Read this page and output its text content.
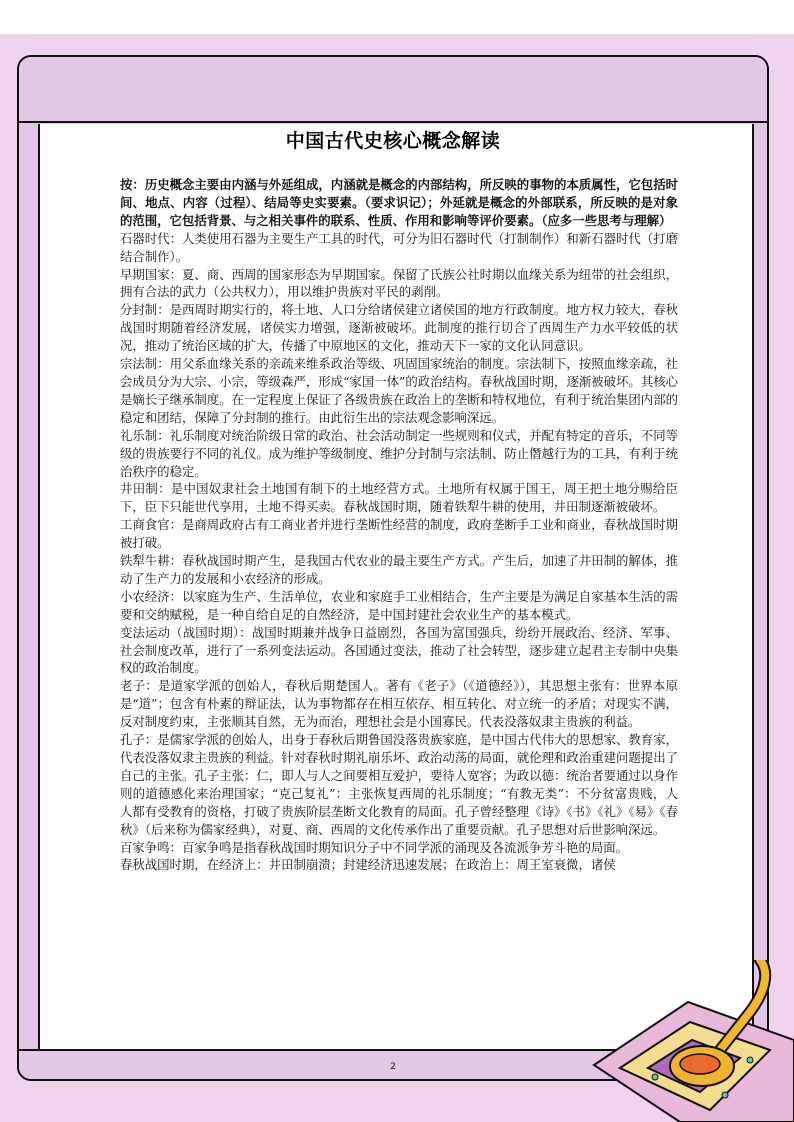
中国古代史核心概念解读

按：历史概念主要由内涵与外延组成，内涵就是概念的内部结构，所反映的事物的本质属性，它包括时间、地点、内容（过程）、结局等史实要素。（要求识记）；外延就是概念的外部联系，所反映的是对象的范围，它包括背景、与之相关事件的联系、性质、作用和影响等评价要素。（应多一些思考与理解）

石器时代：人类使用石器为主要生产工具的时代，可分为旧石器时代（打制制作）和新石器时代（打磨结合制作）。

早期国家：夏、商、西周的国家形态为早期国家。保留了氏族公社时期以血缘关系为纽带的社会组织，拥有合法的武力（公共权力），用以维护贵族对平民的剥削。

分封制：是西周时期实行的，将土地、人口分给诸侯建立诸侯国的地方行政制度。地方权力较大，春秋战国时期随着经济发展，诸侯实力增强，逐渐被破坏。此制度的推行切合了西周生产力水平较低的状况，推动了统治区域的扩大，传播了中原地区的文化，推动天下一家的文化认同意识。

宗法制：用父系血缘关系的亲疏来维系政治等级、巩固国家统治的制度。宗法制下，按照血缘亲疏，社会成员分为大宗、小宗，等级森严，形成“家国一体”的政治结构。春秋战国时期，逐渐被破坏。其核心是嫡长子继承制度。在一定程度上保证了各级贵族在政治上的垄断和特权地位，有利于统治集团内部的稳定和团结，保障了分封制的推行。由此衍生出的宗法观念影响深远。

礼乐制：礼乐制度对统治阶级日常的政治、社会活动制定一些规则和仪式，并配有特定的音乐，不同等级的贵族要行不同的礼仪。成为维护等级制度、维护分封制与宗法制、防止僭越行为的工具，有利于统治秩序的稳定。

井田制：是中国奴隶社会土地国有制下的土地经营方式。土地所有权属于国王，周王把土地分赐给臣下，臣下只能世代享用，土地不得买卖。春秋战国时期，随着铁犁牛耕的使用，井田制逐渐被破坏。

工商食官：是商周政府占有工商业者并进行垄断性经营的制度，政府垄断手工业和商业，春秋战国时期被打破。

铁犁牛耕：春秋战国时期产生，是我国古代农业的最主要生产方式。产生后，加速了井田制的解体，推动了生产力的发展和小农经济的形成。

小农经济：以家庭为生产、生活单位，农业和家庭手工业相结合，生产主要是为满足自家基本生活的需要和交纳赋税，是一种自给自足的自然经济，是中国封建社会农业生产的基本模式。

变法运动（战国时期）：战国时期兼并战争日益剧烈，各国为富国强兵，纷纷开展政治、经济、军事、社会制度改革，进行了一系列变法运动。各国通过变法，推动了社会转型，逐步建立起君主专制中央集权的政治制度。

老子：是道家学派的创始人，春秋后期楚国人。著有《老子》（《道德经》），其思想主张有：世界本原是“道”；包含有朴素的辩证法，认为事物都存在相互依存、相互转化、对立统一的矛盾；对现实不满，反对制度约束，主张顺其自然，无为而治，理想社会是小国寡民。代表没落奴隶主贵族的利益。

孔子：是儒家学派的创始人，出身于春秋后期鲁国没落贵族家庭，是中国古代伟大的思想家、教育家，代表没落奴隶主贵族的利益。针对春秋时期礼崩乐坏、政治动荡的局面，就伦理和政治重建问题提出了自己的主张。孔子主张：仁，即人与人之间要相互爱护，要待人宽容；为政以德：统治者要通过以身作则的道德感化来治理国家；“克己复礼”：主张恢复西周的礼乐制度；“有教无类”：不分贫富贵贱，人人都有受教育的资格，打破了贵族阶层垄断文化教育的局面。孔子曾经整理《诗》《书》《礼》《易》《春秋》（后来称为儒家经典），对夏、商、西周的文化传承作出了重要贡献。孔子思想对后世影响深远。

百家争鸣：百家争鸣是指春秋战国时期知识分子中不同学派的涌现及各流派争芳斗艳的局面。

春秋战国时期，在经济上：井田制崩溃；封建经济迅速发展；在政治上：周王室衰微，诸侯

2
